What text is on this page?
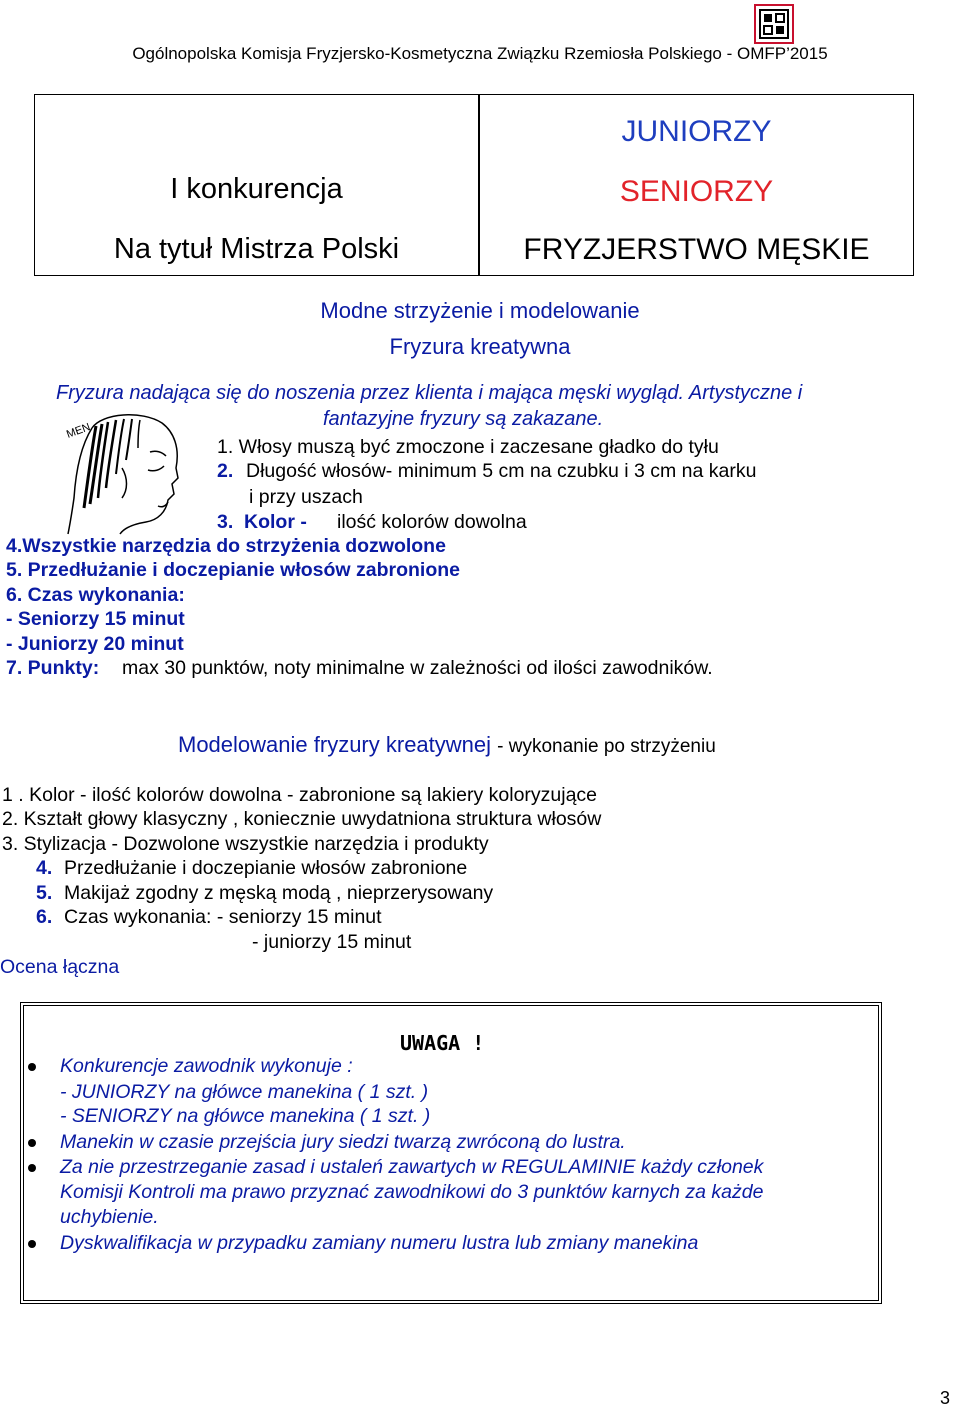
Ogólnopolska Komisja Fryzjersko-Kosmetyczna Związku Rzemiosła Polskiego - OMFP’2015
I konkurencja
Na tytuł Mistrza Polski
JUNIORZY
SENIORZY
FRYZJERSTWO MĘSKIE
Modne strzyżenie i modelowanie
Fryzura kreatywna
Fryzura nadająca się do noszenia przez klienta i mająca męski wygląd. Artystyczne i
fantazyjne fryzury są zakazane.
MEN
1. Włosy muszą być zmoczone i zaczesane gładko do tyłu
2. Długość włosów- minimum 5 cm na czubku i 3 cm na karku
i przy uszach
3. Kolor - ilość kolorów dowolna
4.Wszystkie narzędzia do strzyżenia dozwolone
5. Przedłużanie i doczepianie włosów zabronione
6. Czas wykonania:
- Seniorzy 15 minut
- Juniorzy 20 minut
7. Punkty: max 30 punktów, noty minimalne w zależności od ilości zawodników.
Modelowanie fryzury kreatywnej - wykonanie po strzyżeniu
1 . Kolor - ilość kolorów dowolna - zabronione są lakiery koloryzujące
2. Kształt głowy klasyczny , koniecznie uwydatniona struktura włosów
3. Stylizacja - Dozwolone wszystkie narzędzia i produkty
4. Przedłużanie i doczepianie włosów zabronione
5. Makijaż zgodny z męską modą , nieprzerysowany
6. Czas wykonania: - seniorzy 15 minut
- juniorzy 15 minut
Ocena łączna
UWAGA !
Konkurencje zawodnik wykonuje :
- JUNIORZY na główce manekina ( 1 szt. )
- SENIORZY na główce manekina ( 1 szt. )
Manekin w czasie przejścia jury siedzi twarzą zwróconą do lustra.
Za nie przestrzeganie zasad i ustaleń zawartych w REGULAMINIE każdy członek
Komisji Kontroli ma prawo przyznać zawodnikowi do 3 punktów karnych za każde
uchybienie.
Dyskwalifikacja w przypadku zamiany numeru lustra lub zmiany manekina
3
